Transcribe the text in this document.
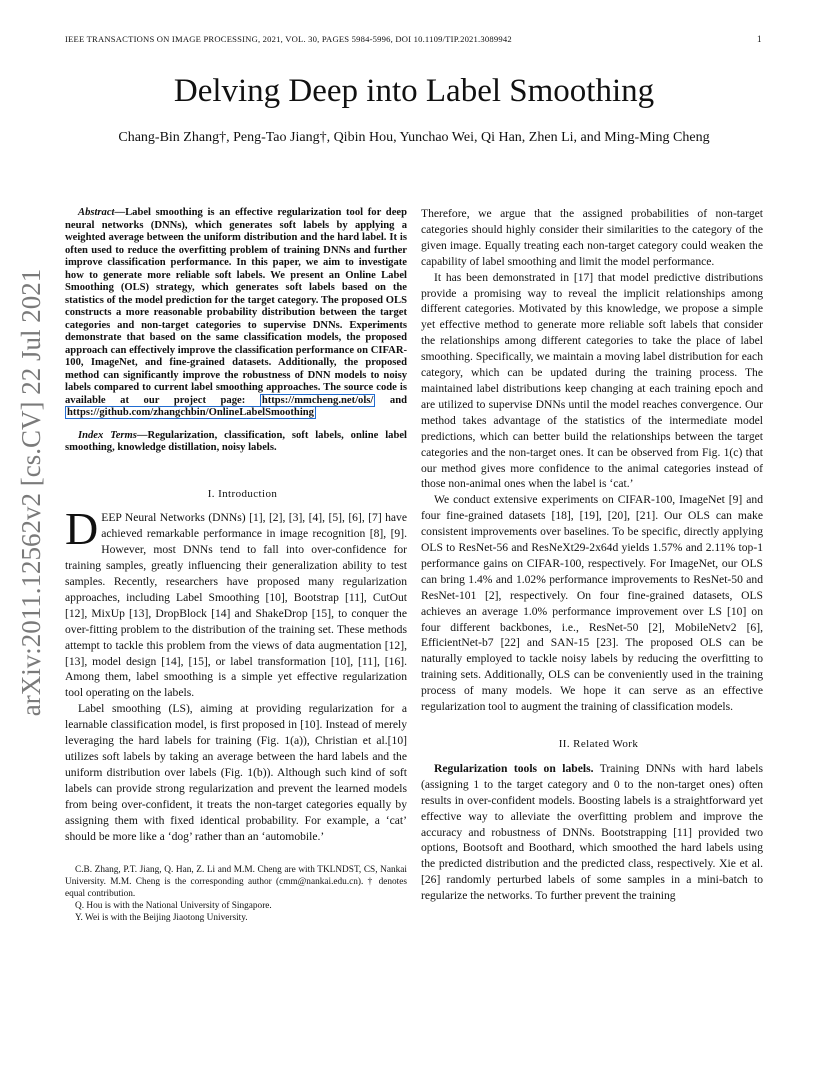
IEEE TRANSACTIONS ON IMAGE PROCESSING, 2021, VOL. 30, PAGES 5984-5996, DOI 10.1109/TIP.2021.3089942	1
Delving Deep into Label Smoothing
Chang-Bin Zhang†, Peng-Tao Jiang†, Qibin Hou, Yunchao Wei, Qi Han, Zhen Li, and Ming-Ming Cheng
arXiv:2011.12562v2 [cs.CV] 22 Jul 2021

Abstract—Label smoothing is an effective regularization tool for deep neural networks (DNNs), which generates soft labels by applying a weighted average between the uniform distribution and the hard label. It is often used to reduce the overfitting problem of training DNNs and further improve classification performance. In this paper, we aim to investigate how to generate more reliable soft labels. We present an Online Label Smoothing (OLS) strategy, which generates soft labels based on the statistics of the model prediction for the target category. The proposed OLS constructs a more reasonable probability distribution between the target categories and non-target categories to supervise DNNs. Experiments demonstrate that based on the same classification models, the proposed approach can effectively improve the classification performance on CIFAR-100, ImageNet, and fine-grained datasets. Additionally, the proposed method can significantly improve the robustness of DNN models to noisy labels compared to current label smoothing approaches. The source code is available at our project page: https://mmcheng.net/ols/ and https://github.com/zhangchbin/OnlineLabelSmoothing

Index Terms—Regularization, classification, soft labels, online label smoothing, knowledge distillation, noisy labels.

I. Introduction

DEEP Neural Networks (DNNs) [1], [2], [3], [4], [5], [6], [7] have achieved remarkable performance in image recognition [8], [9]. However, most DNNs tend to fall into over-confidence for training samples, greatly influencing their generalization ability to test samples. Recently, researchers have proposed many regularization approaches, including Label Smoothing [10], Bootstrap [11], CutOut [12], MixUp [13], DropBlock [14] and ShakeDrop [15], to conquer the over-fitting problem to the distribution of the training set. These methods attempt to tackle this problem from the views of data augmentation [12], [13], model design [14], [15], or label transformation [10], [11], [16]. Among them, label smoothing is a simple yet effective regularization tool operating on the labels.

Label smoothing (LS), aiming at providing regularization for a learnable classification model, is first proposed in [10]. Instead of merely leveraging the hard labels for training (Fig. 1(a)), Christian et al.[10] utilizes soft labels by taking an average between the hard labels and the uniform distribution over labels (Fig. 1(b)). Although such kind of soft labels can provide strong regularization and prevent the learned models from being over-confident, it treats the non-target categories equally by assigning them with fixed identical probability. For example, a ‘cat’ should be more like a ‘dog’ rather than an ‘automobile.’

C.B. Zhang, P.T. Jiang, Q. Han, Z. Li and M.M. Cheng are with TKLNDST, CS, Nankai University. M.M. Cheng is the corresponding author (cmm@nankai.edu.cn). † denotes equal contribution.

Q. Hou is with the National University of Singapore.

Y. Wei is with the Beijing Jiaotong University.

Therefore, we argue that the assigned probabilities of non-target categories should highly consider their similarities to the category of the given image. Equally treating each non-target category could weaken the capability of label smoothing and limit the model performance.

It has been demonstrated in [17] that model predictive distributions provide a promising way to reveal the implicit relationships among different categories. Motivated by this knowledge, we propose a simple yet effective method to generate more reliable soft labels that consider the relationships among different categories to take the place of label smoothing. Specifically, we maintain a moving label distribution for each category, which can be updated during the training process. The maintained label distributions keep changing at each training epoch and are utilized to supervise DNNs until the model reaches convergence. Our method takes advantage of the statistics of the intermediate model predictions, which can better build the relationships between the target categories and the non-target ones. It can be observed from Fig. 1(c) that our method gives more confidence to the animal categories instead of those non-animal ones when the label is ‘cat.’

We conduct extensive experiments on CIFAR-100, ImageNet [9] and four fine-grained datasets [18], [19], [20], [21]. Our OLS can make consistent improvements over baselines. To be specific, directly applying OLS to ResNet-56 and ResNeXt29-2x64d yields 1.57% and 2.11% top-1 performance gains on CIFAR-100, respectively. For ImageNet, our OLS can bring 1.4% and 1.02% performance improvements to ResNet-50 and ResNet-101 [2], respectively. On four fine-grained datasets, OLS achieves an average 1.0% performance improvement over LS [10] on four different backbones, i.e., ResNet-50 [2], MobileNetv2 [6], EfficientNet-b7 [22] and SAN-15 [23]. The proposed OLS can be naturally employed to tackle noisy labels by reducing the overfitting to training sets. Additionally, OLS can be conveniently used in the training process of many models. We hope it can serve as an effective regularization tool to augment the training of classification models.

II. Related Work

Regularization tools on labels. Training DNNs with hard labels (assigning 1 to the target category and 0 to the non-target ones) often results in over-confident models. Boosting labels is a straightforward yet effective way to alleviate the overfitting problem and improve the accuracy and robustness of DNNs. Bootstrapping [11] provided two options, Bootsoft and Boothard, which smoothed the hard labels using the predicted distribution and the predicted class, respectively. Xie et al. [26] randomly perturbed labels of some samples in a mini-batch to regularize the networks. To further prevent the training
